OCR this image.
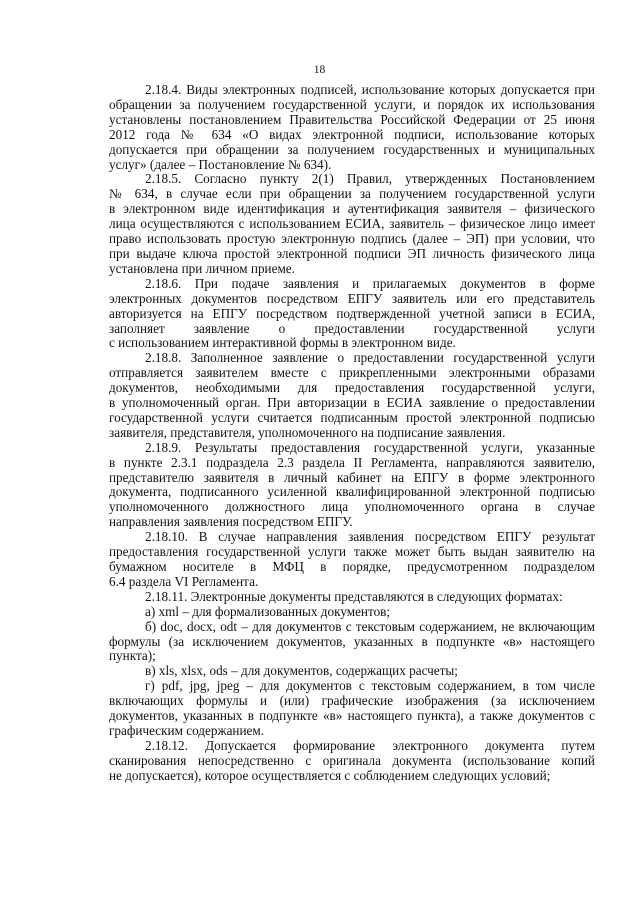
18
2.18.4. Виды электронных подписей, использование которых допускается при
обращении за получением государственной услуги, и порядок их использования
установлены постановлением Правительства Российской Федерации от 25 июня
2012 года № 634 «О видах электронной подписи, использование которых
допускается при обращении за получением государственных и муниципальных
услуг» (далее – Постановление № 634).
2.18.5. Согласно пункту 2(1) Правил, утвержденных Постановлением
№ 634, в случае если при обращении за получением государственной услуги
в электронном виде идентификация и аутентификация заявителя – физического
лица осуществляются с использованием ЕСИА, заявитель – физическое лицо имеет
право использовать простую электронную подпись (далее – ЭП) при условии, что
при выдаче ключа простой электронной подписи ЭП личность физического лица
установлена при личном приеме.
2.18.6. При подаче заявления и прилагаемых документов в форме
электронных документов посредством ЕПГУ заявитель или его представитель
авторизуется на ЕПГУ посредством подтвержденной учетной записи в ЕСИА,
заполняет заявление о предоставлении государственной услуги
с использованием интерактивной формы в электронном виде.
2.18.8. Заполненное заявление о предоставлении государственной услуги
отправляется заявителем вместе с прикрепленными электронными образами
документов, необходимыми для предоставления государственной услуги,
в уполномоченный орган. При авторизации в ЕСИА заявление о предоставлении
государственной услуги считается подписанным простой электронной подписью
заявителя, представителя, уполномоченного на подписание заявления.
2.18.9. Результаты предоставления государственной услуги, указанные
в пункте 2.3.1 подраздела 2.3 раздела II Регламента, направляются заявителю,
представителю заявителя в личный кабинет на ЕПГУ в форме электронного
документа, подписанного усиленной квалифицированной электронной подписью
уполномоченного должностного лица уполномоченного органа в случае
направления заявления посредством ЕПГУ.
2.18.10. В случае направления заявления посредством ЕПГУ результат
предоставления государственной услуги также может быть выдан заявителю на
бумажном носителе в МФЦ в порядке, предусмотренном подразделом
6.4 раздела VI Регламента.
2.18.11. Электронные документы представляются в следующих форматах:
а) xml – для формализованных документов;
б) doc, docx, odt – для документов с текстовым содержанием, не включающим
формулы (за исключением документов, указанных в подпункте «в» настоящего
пункта);
в) xls, xlsx, ods – для документов, содержащих расчеты;
г) pdf, jpg, jpeg – для документов с текстовым содержанием, в том числе
включающих формулы и (или) графические изображения (за исключением
документов, указанных в подпункте «в» настоящего пункта), а также документов с
графическим содержанием.
2.18.12. Допускается формирование электронного документа путем
сканирования непосредственно с оригинала документа (использование копий
не допускается), которое осуществляется с соблюдением следующих условий;
